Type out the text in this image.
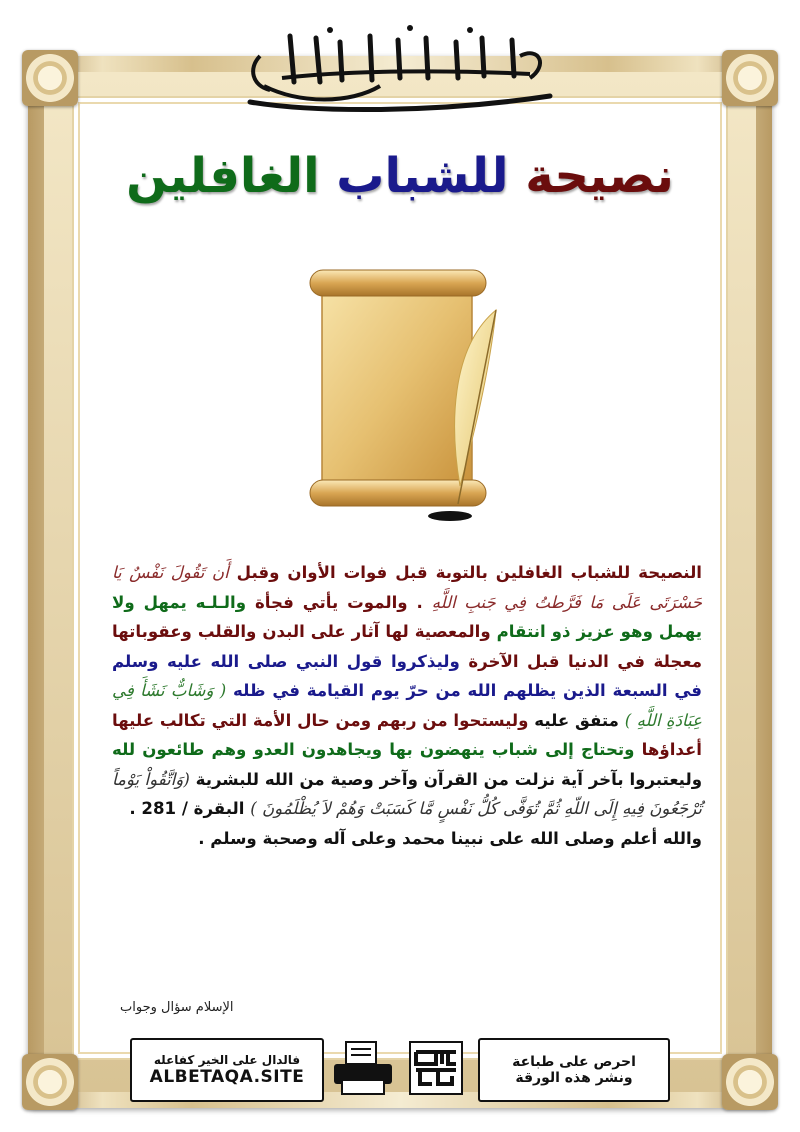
نصيحة للشباب الغافلين
النصيحة للشباب الغافلين بالتوبة قبل فوات الأوان وقبل أَن تَقُولَ نَفْسٌ يَا حَسْرَتَى عَلَى مَا فَرَّطتُ فِي جَنبِ اللَّهِ . والموت يأتي فجأة والـلـه يمهل ولا يهمل وهو عزيز ذو انتقام والمعصية لها آثار على البدن والقلب وعقوباتها معجلة في الدنيا قبل الآخرة وليذكروا قول النبي صلى الله عليه وسلم في السبعة الذين يظلهم الله من حرّ يوم القيامة في ظله ( وَشَابٌّ نَشَأَ فِي عِبَادَةِ اللَّهِ ) متفق عليه وليستحوا من ربهم ومن حال الأمة التي تكالب عليها أعداؤها وتحتاج إلى شباب ينهضون بها ويجاهدون العدو وهم طائعون لله وليعتبروا بآخر آية نزلت من القرآن وآخر وصية من الله للبشرية (وَاتَّقُواْ يَوْماً تُرْجَعُونَ فِيهِ إِلَى اللّهِ ثُمَّ تُوَفَّى كُلُّ نَفْسٍ مَّا كَسَبَتْ وَهُمْ لاَ يُظْلَمُونَ ) البقرة / 281 .
والله أعلم وصلى الله على نبينا محمد وعلى آله وصحبة وسلم .
الإسلام سؤال وجواب
فالدال على الخير كفاعله
ALBETAQA.SITE
احرص على طباعة
ونشر هذه الورقة
